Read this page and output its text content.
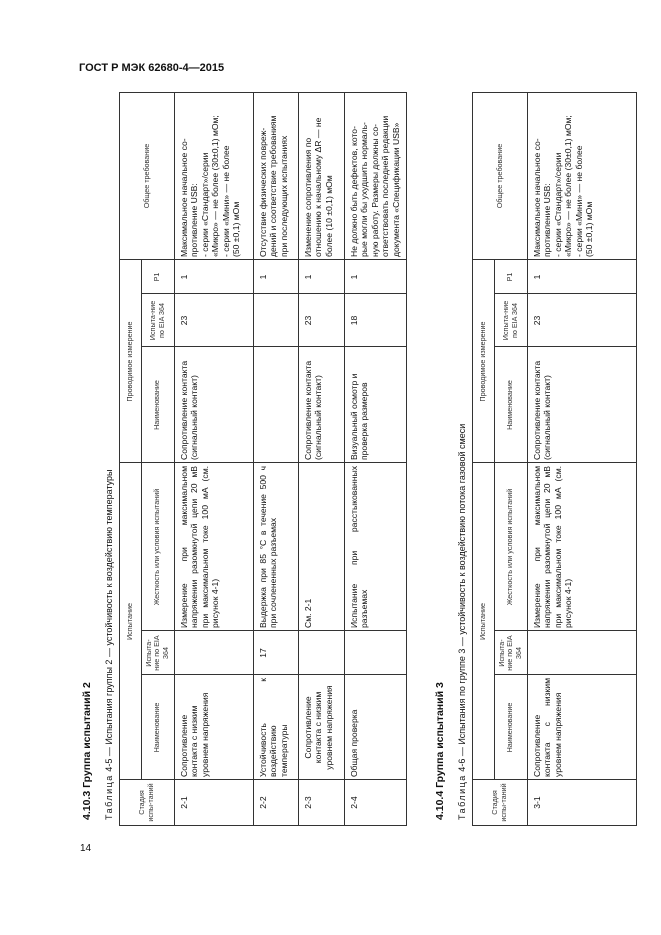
ГОСТ Р МЭК 62680-4—2015
14
4.10.3 Группа испытаний 2 Таблица 4-5 — Испытания группы 2 — устойчивость к воздействию температуры
Стадия испы-таний
Испытание
Наименование
Испыта-ние по EIA 364
Жесткость или условия испытаний
Проводимое измерение
Наименование
Испыта-ние по EIA 364
Р1
Общее требование
2-1
Сопротивление контакта с низким уровнем напряжения
Измерение при максимальном напряжении разомкнутой цепи 20 мВ при максимальном токе 100 мА (см. рисунок 4-1)
Сопротивление контакта (сигнальный контакт)
23
1
Максимальное начальное со- противление USB: - серии «Стандарт»/серии «Микро» — не более (30±0,1) мОм; - серии «Мини» — не более (50 ±0,1) мОм
2-2
Устойчивость к воздействию температуры
17
Выдержка при 85 °С в течение 500 ч при сочлененных разъемах
1
Отсутствие физических повреж- дений и соответствие требованиям при последующих испытаниях
2-3
Сопротивление контакта с низким уровнем напряжения
См. 2-1
Сопротивление контакта (сигнальный контакт)
23
1
Изменение сопротивления по отношению к начальному ΔR — не более (10 ±0,1) мОм
2-4
Общая проверка
Испытание при расстыкованных разъемах
Визуальный осмотр и проверка размеров
18
1
Не должно быть дефектов, кото- рые могли бы ухудшить нормаль- ную работу. Размеры должны со- ответствовать последней редакции документа «Спецификации USB»
4.10.4 Группа испытаний 3 Таблица 4-6 — Испытания по группе 3 — устойчивость к воздействию потока газовой смеси
Стадия испы-таний
Испытание
Наименование
Испыта-ние по EIA 364
Жесткость или условия испытаний
Проводимое измерение
Наименование
Испыта-ние по EIA 364
Р1
Общее требование
3-1
Сопротивление контакта с низким уровнем напряжения
Измерение при максимальном напряжении разомкнутой цепи 20 мВ при максимальном токе 100 мА (см. рисунок 4-1)
Сопротивление контакта (сигнальный контакт)
23
1
Максимальное начальное со- противление USB: - серии «Стандарт»/серии «Микро» — не более (30±0,1) мОм; - серии «Мини» — не более (50 ±0,1) мОм
